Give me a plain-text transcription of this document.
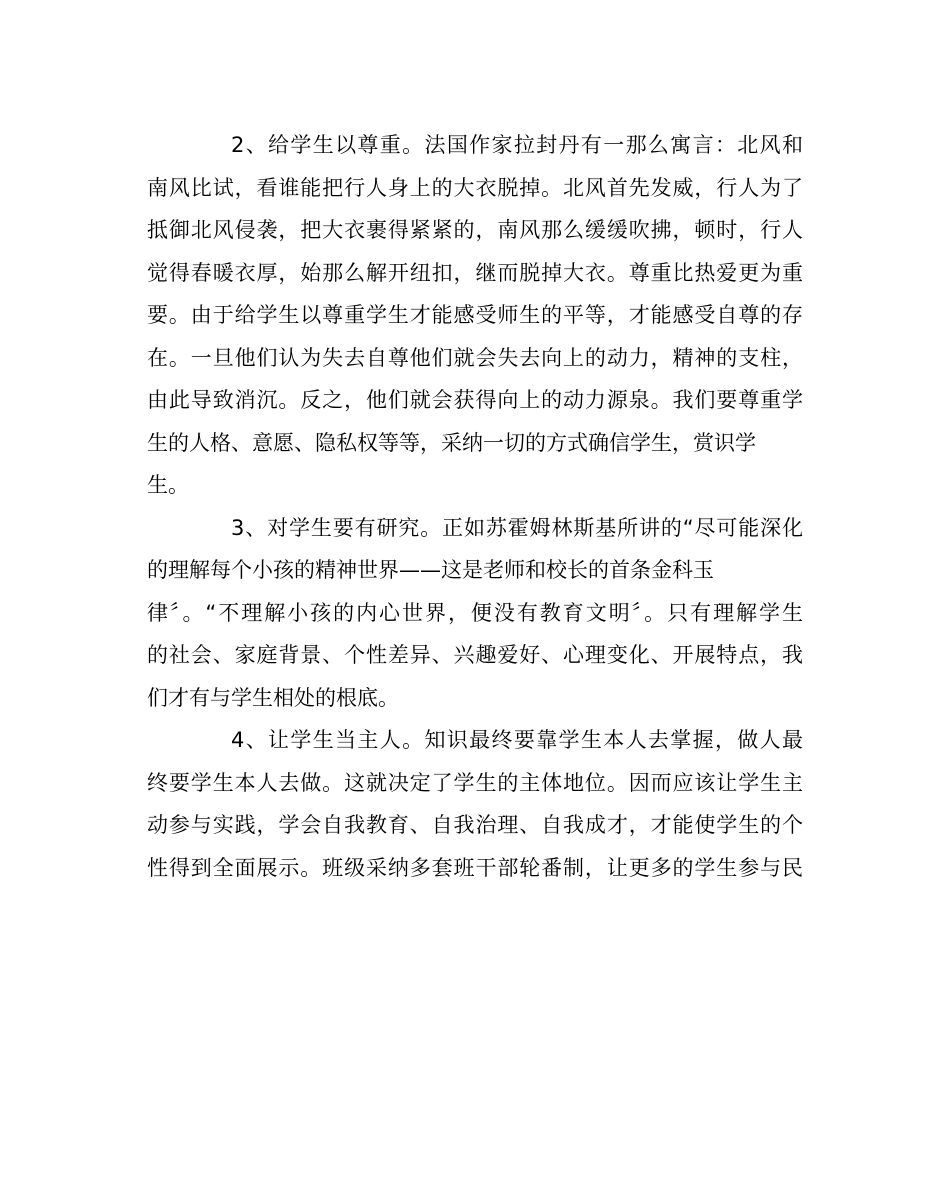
2、给学生以尊重。法国作家拉封丹有一那么寓言：北风和
南风比试，看谁能把行人身上的大衣脱掉。北风首先发威，行人为了
抵御北风侵袭，把大衣裹得紧紧的，南风那么缓缓吹拂，顿时，行人
觉得春暖衣厚，始那么解开纽扣，继而脱掉大衣。尊重比热爱更为重
要。由于给学生以尊重学生才能感受师生的平等，才能感受自尊的存
在。一旦他们认为失去自尊他们就会失去向上的动力，精神的支柱，
由此导致消沉。反之，他们就会获得向上的动力源泉。我们要尊重学
生的人格、意愿、隐私权等等，采纳一切的方式确信学生，赏识学
生。
3、对学生要有研究。正如苏霍姆林斯基所讲的“尽可能深化
的理解每个小孩的精神世界——这是老师和校长的首条金科玉
律〞。“不理解小孩的内心世界，便没有教育文明〞。只有理解学生
的社会、家庭背景、个性差异、兴趣爱好、心理变化、开展特点，我
们才有与学生相处的根底。
4、让学生当主人。知识最终要靠学生本人去掌握，做人最
终要学生本人去做。这就决定了学生的主体地位。因而应该让学生主
动参与实践，学会自我教育、自我治理、自我成才，才能使学生的个
性得到全面展示。班级采纳多套班干部轮番制，让更多的学生参与民
